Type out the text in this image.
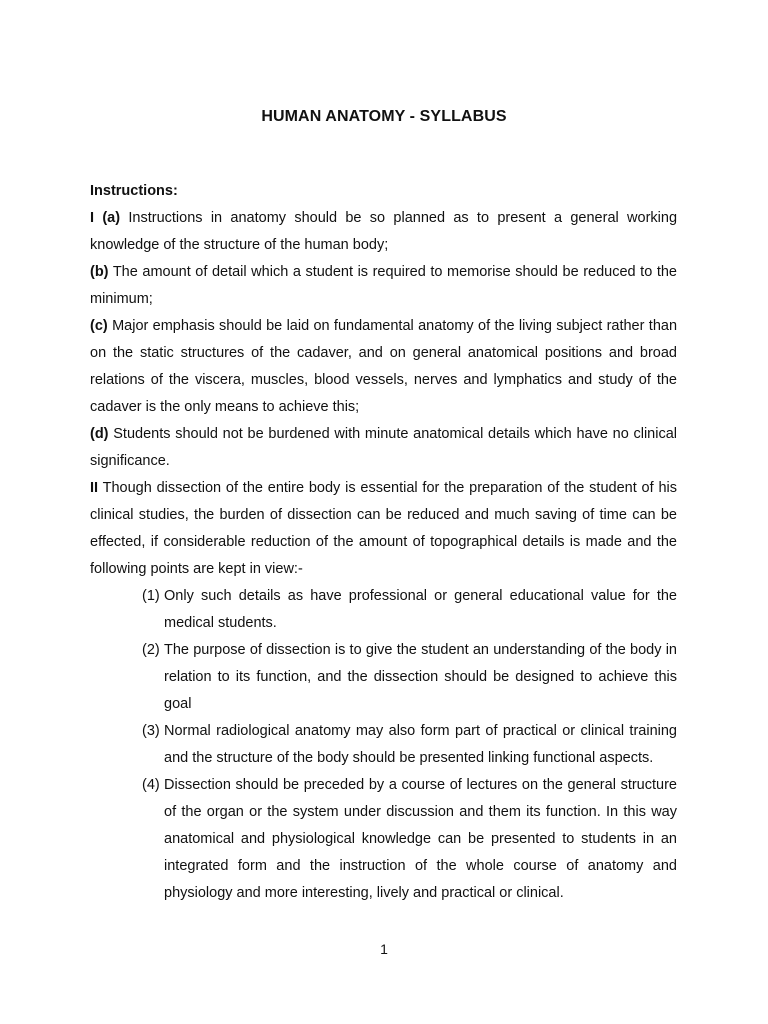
HUMAN ANATOMY - SYLLABUS
Instructions:

I (a) Instructions in anatomy should be so planned as to present a general working knowledge of the structure of the human body;

(b) The amount of detail which a student is required to memorise should be reduced to the minimum;

(c) Major emphasis should be laid on fundamental anatomy of the living subject rather than on the static structures of the cadaver, and on general anatomical positions and broad relations of the viscera, muscles, blood vessels, nerves and lymphatics and study of the cadaver is the only means to achieve this;

(d) Students should not be burdened with minute anatomical details which have no clinical significance.

II Though dissection of the entire body is essential for the preparation of the student of his clinical studies, the burden of dissection can be reduced and much saving of time can be effected, if considerable reduction of the amount of topographical details is made and the following points are kept in view:-

(1) Only such details as have professional or general educational value for the medical students.
(2) The purpose of dissection is to give the student an understanding of the body in relation to its function, and the dissection should be designed to achieve this goal
(3) Normal radiological anatomy may also form part of practical or clinical training and the structure of the body should be presented linking functional aspects.
(4) Dissection should be preceded by a course of lectures on the general structure of the organ or the system under discussion and them its function. In this way anatomical and physiological knowledge can be presented to students in an integrated form and the instruction of the whole course of anatomy and physiology and more interesting, lively and practical or clinical.
1
